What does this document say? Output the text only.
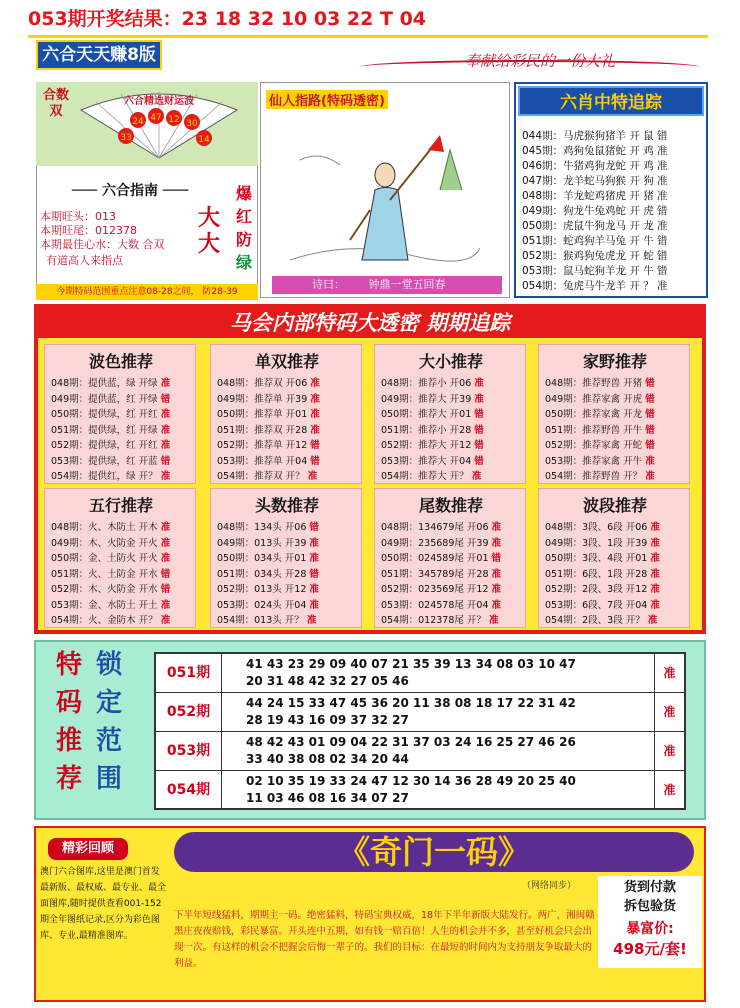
053期开奖结果：23 18 32 10 03 22 T 04
六合天天赚8版	奉献给彩民的一份大礼
合数双
六合精选财运波
33
24 47 12 30
14
─── 六合指南 ───
本期旺头：013
本期旺尾：012378
本期最佳心水：大数 合双
有道高人来指点
大大
爆
红
防
绿
今期特码范围重点注意08-28之间， 防28-39
仙人指路(特码透密)
诗曰： 钟鼎一堂五回春
六肖中特追踪
044期：马虎猴狗猪羊 开 鼠 错
045期：鸡狗兔鼠猪蛇 开 鸡 准
046期：牛猪鸡狗龙蛇 开 鸡 准
047期：龙羊蛇马狗猴 开 狗 准
048期：羊龙蛇鸡猪虎 开 猪 准
049期：狗龙牛兔鸡蛇 开 虎 错
050期：虎鼠牛狗龙马 开 龙 准
051期：蛇鸡狗羊马兔 开 牛 错
052期：猴鸡狗兔虎龙 开 蛇 错
053期：鼠马蛇狗羊龙 开 牛 错
054期：兔虎马牛龙羊 开 ？ 准
马会内部特码大透密 期期追踪
波色推荐
048期：提供蓝，绿 开绿 准
049期：提供蓝，红 开绿 错
050期：提供绿，红 开红 准
051期：提供绿，红 开绿 准
052期：提供绿，红 开红 准
053期：提供绿，红 开蓝 错
054期：提供红，绿 开？ 准
单双推荐
048期：推荐双 开06 准
049期：推荐单 开39 准
050期：推荐单 开01 准
051期：推荐双 开28 准
052期：推荐单 开12 错
053期：推荐单 开04 错
054期：推荐双 开？ 准
大小推荐
048期：推荐小 开06 准
049期：推荐大 开39 准
050期：推荐大 开01 错
051期：推荐小 开28 错
052期：推荐大 开12 错
053期：推荐大 开04 错
054期：推荐大 开？ 准
家野推荐
048期：推荐野兽 开猪 错
049期：推荐家禽 开虎 错
050期：推荐家禽 开龙 错
051期：推荐野兽 开牛 错
052期：推荐家禽 开蛇 错
053期：推荐家禽 开牛 准
054期：推荐野兽 开？ 准
五行推荐
048期：火、木防土 开木 准
049期：木、火防金 开火 准
050期：金、土防火 开火 准
051期：火、土防金 开水 错
052期：木、火防金 开水 错
053期：金、水防土 开土 准
054期：火、金防木 开？ 准
头数推荐
048期：134头 开06 错
049期：013头 开39 准
050期：034头 开01 准
051期：034头 开28 错
052期：013头 开12 准
053期：024头 开04 准
054期：013头 开？ 准
尾数推荐
048期：134679尾 开06 准
049期：235689尾 开39 准
050期：024589尾 开01 错
051期：345789尾 开28 准
052期：023569尾 开12 准
053期：024578尾 开04 准
054期：012378尾 开？ 准
波段推荐
048期：3段、6段 开06 准
049期：3段、1段 开39 准
050期：3段、4段 开01 准
051期：6段、1段 开28 准
052期：2段、3段 开12 准
053期：6段、7段 开04 准
054期：2段、3段 开？ 准
特 锁
码 定
推 范
荐 围
051期
41 43 23 29 09 40 07 21 35 39 13 34 08 03 10 47
20 31 48 42 32 27 05 46
准
052期
44 24 15 33 47 45 36 20 11 38 08 18 17 22 31 42
28 19 43 16 09 37 32 27
准
053期
48 42 43 01 09 04 22 31 37 03 24 16 25 27 46 26
33 40 38 08 02 34 20 44
准
054期
02 10 35 19 33 24 47 12 30 14 36 28 49 20 25 40
11 03 46 08 16 34 07 27
准
精彩回顾
澳门六合图库,这里是澳门首发最新版、最权威、最专业、最全面图库,随时提供查看001-152期全年图纸记录,区分为彩色图库、专业,最精准图库。
《奇门一码》
（网络同步）	货到付款
拆包验货
暴富价:
498元/套!
下半年短线猛料，期期主一码。绝密猛料，特码宝典权威，18年下半年新版大陆发行。两广，湘闽赣黑庄夜夜赔钱，彩民暴富。开头连中五期，如有钱一赔百倍！人生的机会并不多，甚至好机会只会出现一次。有这样的机会不把握会后悔一辈子的。我们的目标：在最短的时间内为支持朋友争取最大的利益。
